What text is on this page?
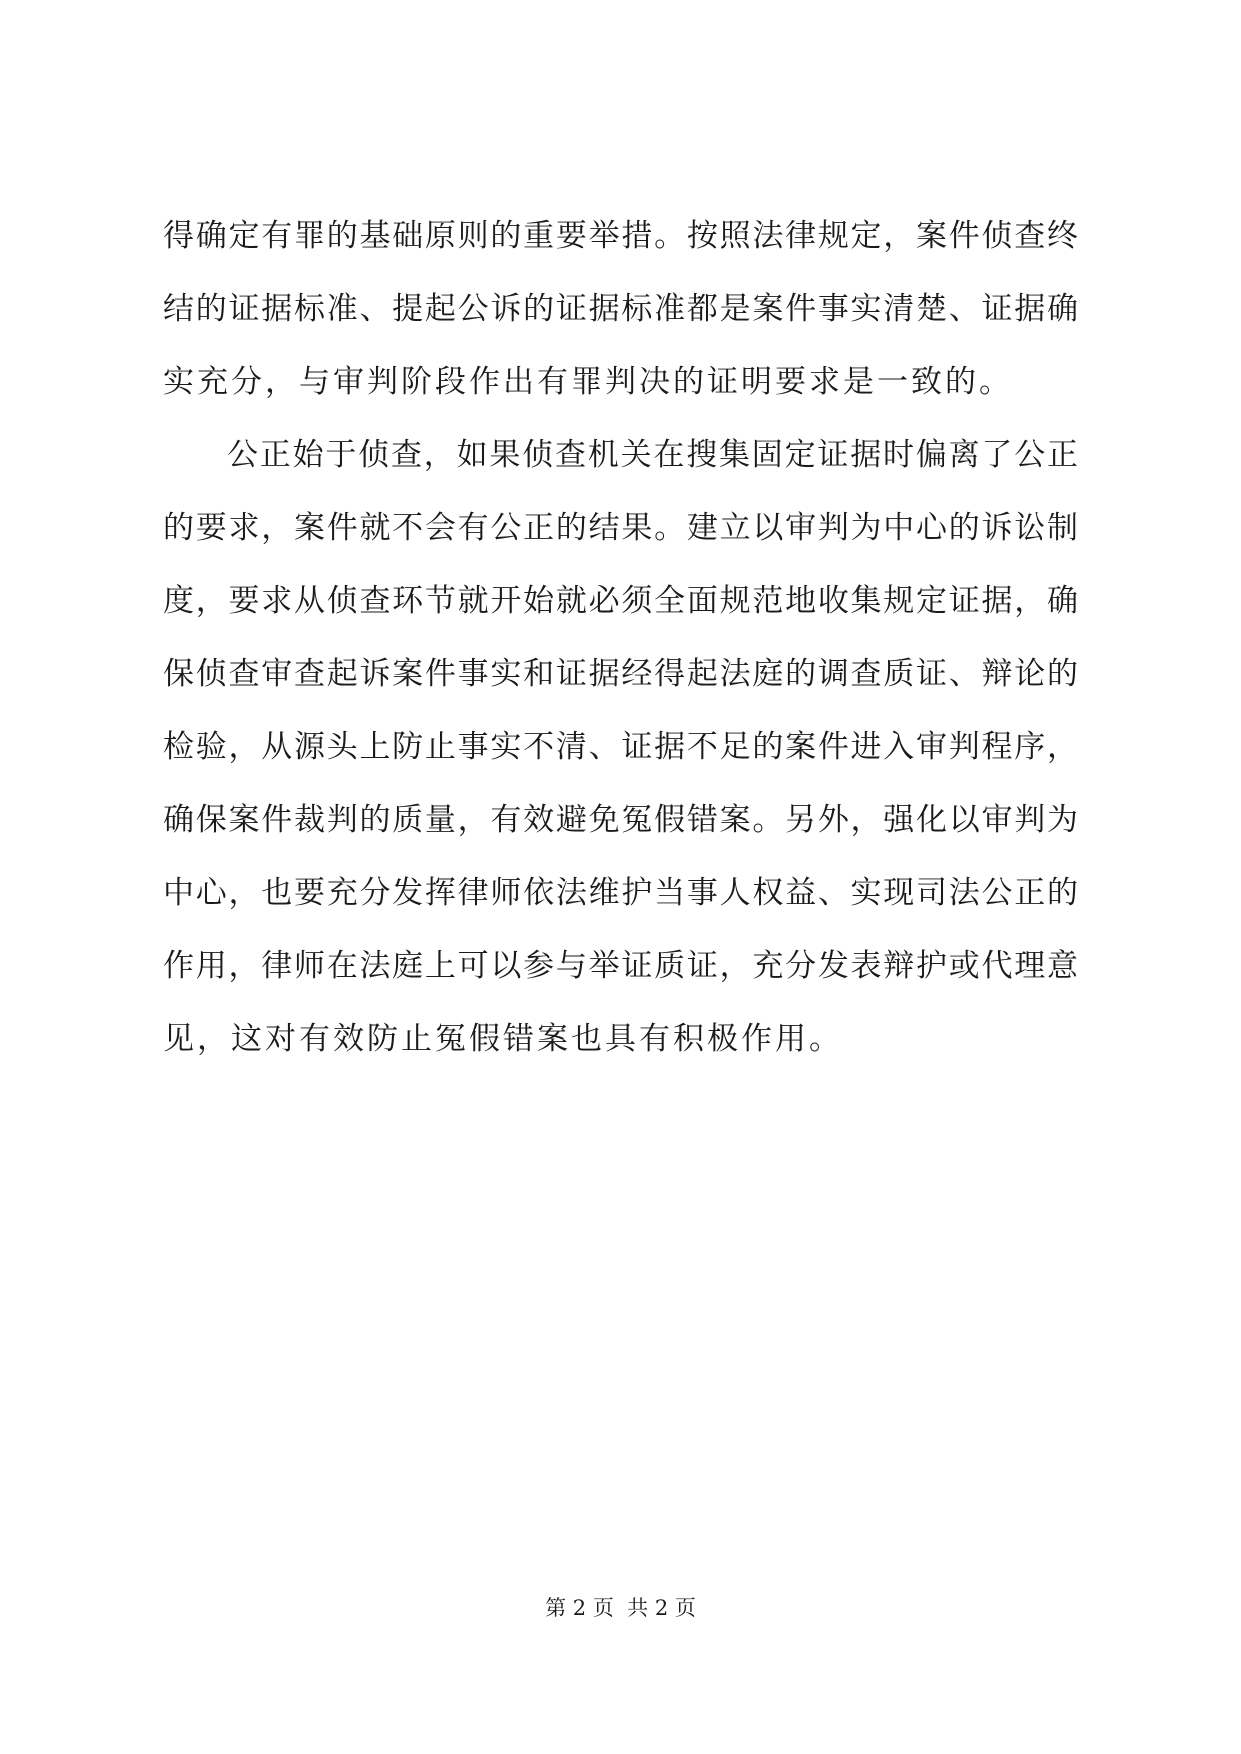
得确定有罪的基础原则的重要举措。按照法律规定，案件侦查终
结的证据标准、提起公诉的证据标准都是案件事实清楚、证据确
实充分，与审判阶段作出有罪判决的证明要求是一致的。
公正始于侦查，如果侦查机关在搜集固定证据时偏离了公正
的要求，案件就不会有公正的结果。建立以审判为中心的诉讼制
度，要求从侦查环节就开始就必须全面规范地收集规定证据，确
保侦查审查起诉案件事实和证据经得起法庭的调查质证、辩论的
检验，从源头上防止事实不清、证据不足的案件进入审判程序，
确保案件裁判的质量，有效避免冤假错案。另外，强化以审判为
中心，也要充分发挥律师依法维护当事人权益、实现司法公正的
作用，律师在法庭上可以参与举证质证，充分发表辩护或代理意
见，这对有效防止冤假错案也具有积极作用。
第 2 页  共 2 页
